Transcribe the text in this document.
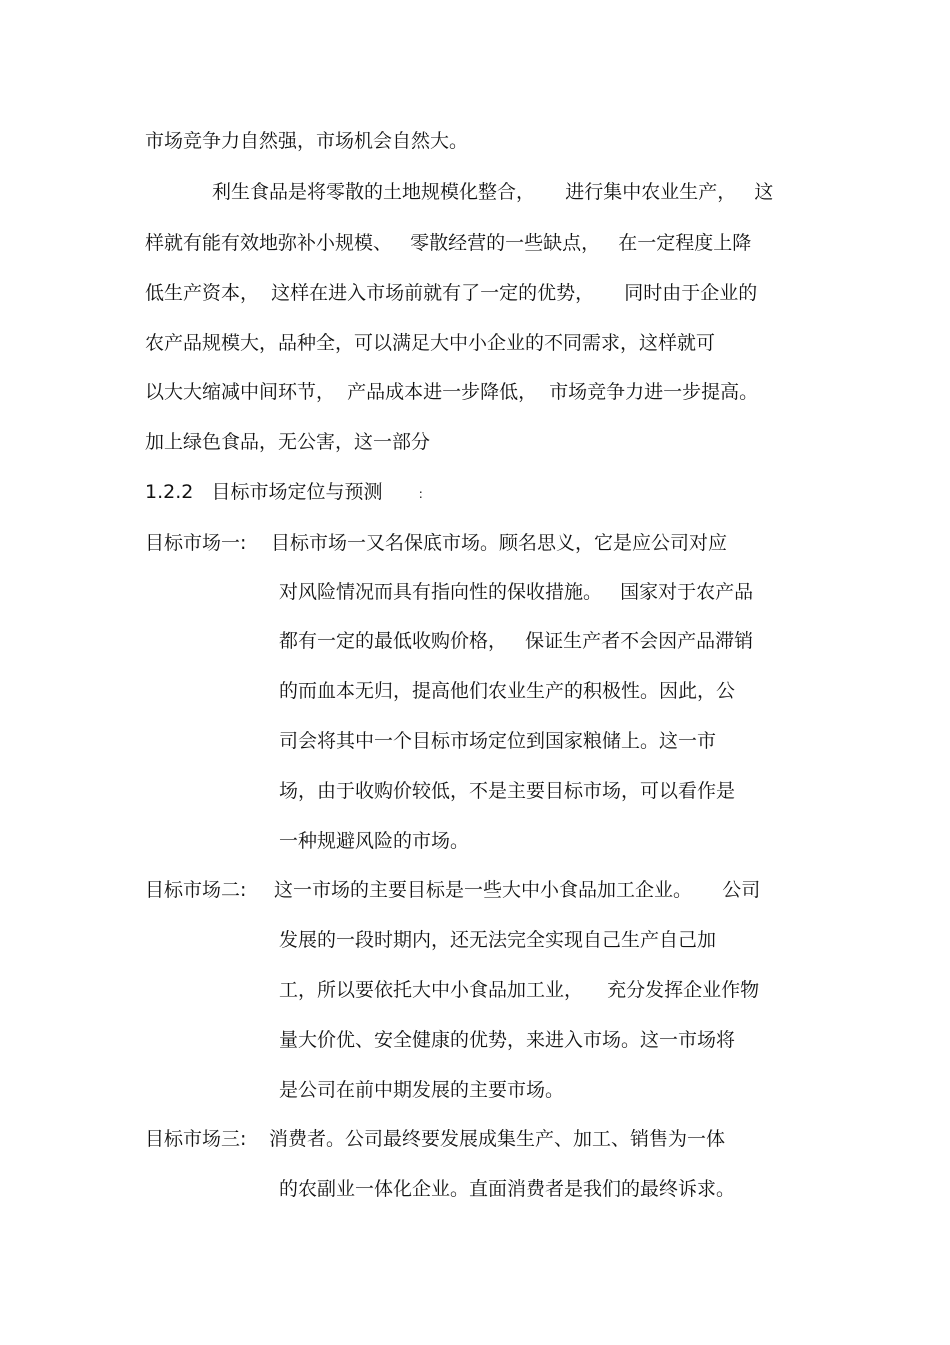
市场竞争力自然强，市场机会自然大。
利生食品是将零散的土地规模化整合，     进行集中农业生产，   这
样就有能有效地弥补小规模、   零散经营的一些缺点，   在一定程度上降
低生产资本，  这样在进入市场前就有了一定的优势，     同时由于企业的
农产品规模大，品种全，可以满足大中小企业的不同需求，这样就可
以大大缩减中间环节，  产品成本进一步降低，  市场竞争力进一步提高。
加上绿色食品，无公害，这一部分
1.2.2 目标市场定位与预测	:
目标市场一: 目标市场一又名保底市场。顾名思义，它是应公司对应
对风险情况而具有指向性的保收措施。   国家对于农产品
都有一定的最低收购价格，   保证生产者不会因产品滞销
的而血本无归，提高他们农业生产的积极性。因此，公
司会将其中一个目标市场定位到国家粮储上。这一市
场，由于收购价较低，不是主要目标市场，可以看作是
一种规避风险的市场。
目标市场二: 这一市场的主要目标是一些大中小食品加工企业。     公司
发展的一段时期内，还无法完全实现自己生产自己加
工，所以要依托大中小食品加工业，    充分发挥企业作物
量大价优、安全健康的优势，来进入市场。这一市场将
是公司在前中期发展的主要市场。
目标市场三: 消费者。公司最终要发展成集生产、加工、销售为一体
的农副业一体化企业。直面消费者是我们的最终诉求。
